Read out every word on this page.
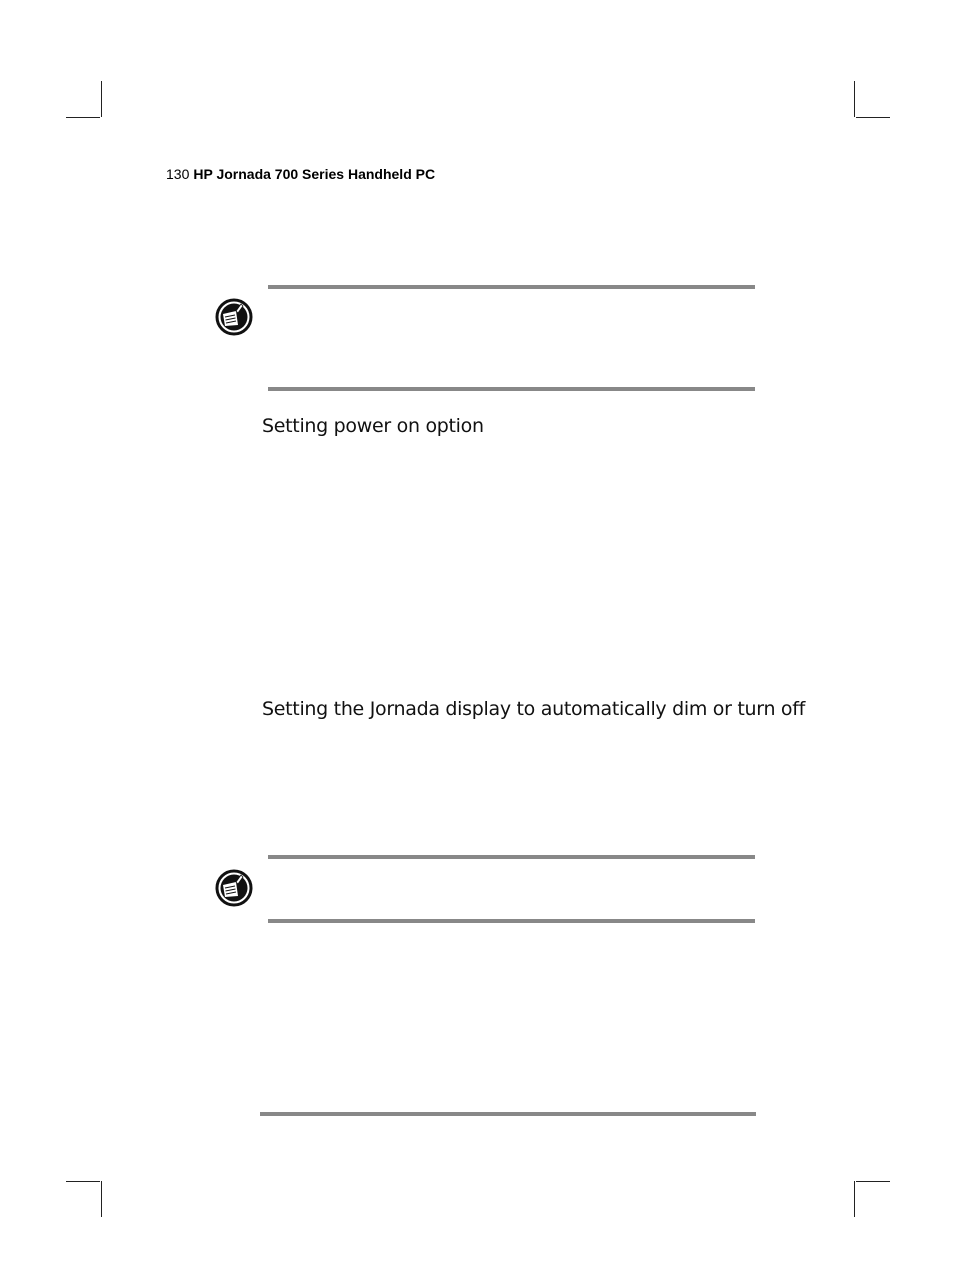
130 HP Jornada 700 Series Handheld PC
Setting power on option
Setting the Jornada display to automatically dim or turn off
